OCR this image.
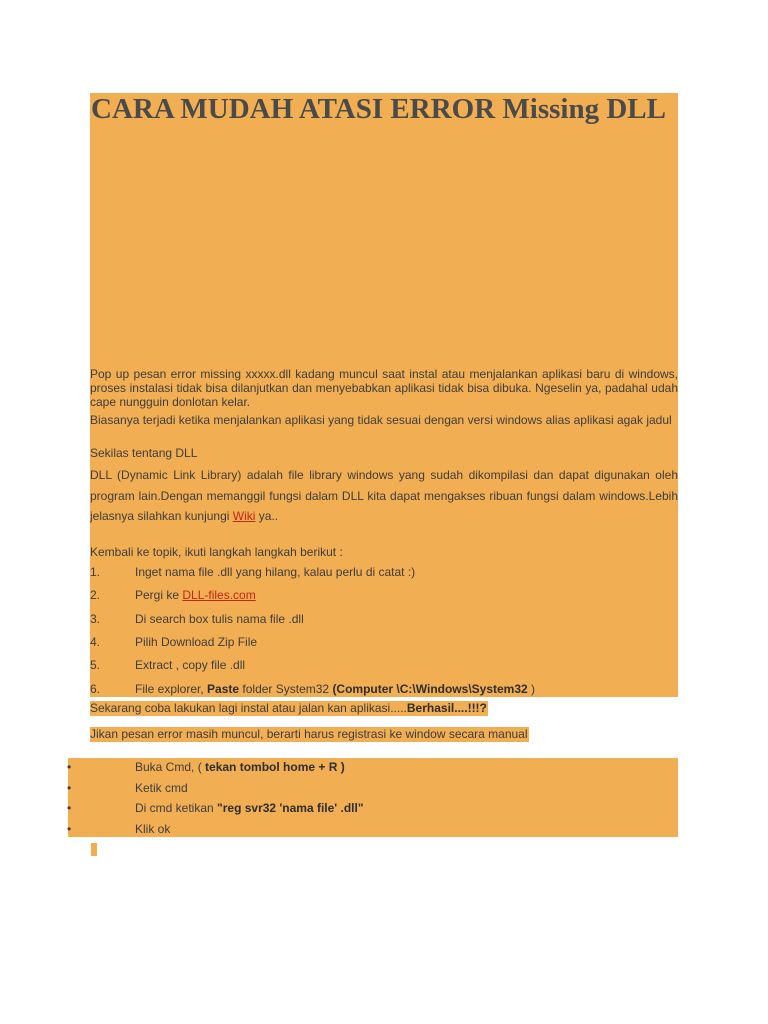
CARA MUDAH ATASI ERROR Missing DLL

Pop up pesan error missing xxxxx.dll kadang muncul saat instal atau menjalankan aplikasi baru di windows, proses instalasi tidak bisa dilanjutkan dan menyebabkan aplikasi tidak bisa dibuka. Ngeselin ya, padahal udah cape nungguin donlotan kelar.

Biasanya terjadi ketika menjalankan aplikasi yang tidak sesuai dengan versi windows alias aplikasi agak jadul

Sekilas tentang DLL

DLL (Dynamic Link Library) adalah file library windows yang sudah dikompilasi dan dapat digunakan oleh program lain.Dengan memanggil fungsi dalam DLL kita dapat mengakses ribuan fungsi dalam windows.Lebih jelasnya silahkan kunjungi Wiki ya..

Kembali ke topik, ikuti langkah langkah berikut :

1.	Inget nama file .dll yang hilang, kalau perlu di catat :)
2.	Pergi ke DLL-files.com
3.	Di search box tulis nama file .dll
4.	Pilih Download Zip File
5.	Extract , copy file .dll
6.	File explorer, Paste folder System32 (Computer \C:\Windows\System32 )
Sekarang coba lakukan lagi instal atau jalan kan aplikasi.....Berhasil....!!!?
Jikan pesan error masih muncul, berarti harus registrasi ke window secara manual
•	Buka Cmd, ( tekan tombol home + R )
•	Ketik cmd
•	Di cmd ketikan "reg svr32 'nama file' .dll"
•	Klik ok
